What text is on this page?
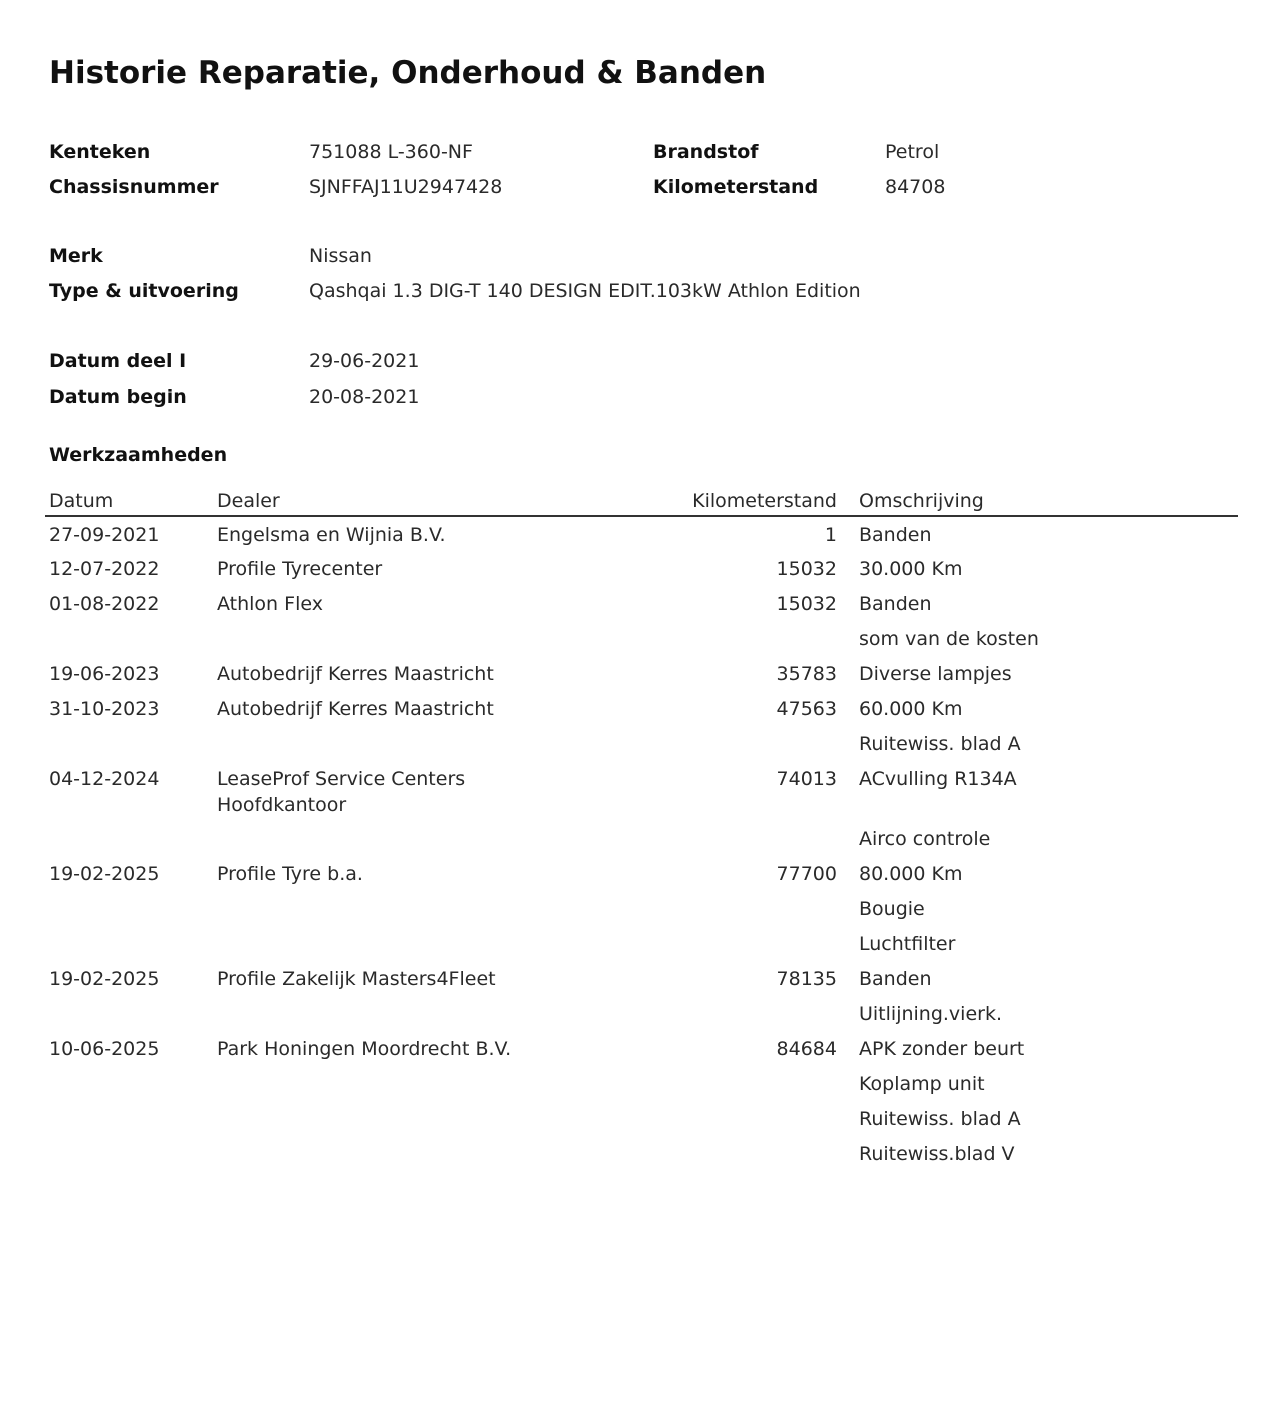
Historie Reparatie, Onderhoud & Banden
Kenteken	751088 L-360-NF	Brandstof	Petrol
Chassisnummer	SJNFFAJ11U2947428	Kilometerstand	84708
Merk	Nissan
Type & uitvoering	Qashqai 1.3 DIG-T 140 DESIGN EDIT.103kW Athlon Edition
Datum deel I	29-06-2021
Datum begin	20-08-2021
Werkzaamheden
Datum	Dealer	Kilometerstand	Omschrijving
27-09-2021	Engelsma en Wijnia B.V.	1	Banden
12-07-2022	Profile Tyrecenter	15032	30.000 Km
01-08-2022	Athlon Flex	15032	Banden
			som van de kosten
19-06-2023	Autobedrijf Kerres Maastricht	35783	Diverse lampjes
31-10-2023	Autobedrijf Kerres Maastricht	47563	60.000 Km
			Ruitewiss. blad A
04-12-2024	LeaseProf Service Centers Hoofdkantoor	74013	ACvulling R134A
			Airco controle
19-02-2025	Profile Tyre b.a.	77700	80.000 Km
			Bougie
			Luchtfilter
19-02-2025	Profile Zakelijk Masters4Fleet	78135	Banden
			Uitlijning.vierk.
10-06-2025	Park Honingen Moordrecht B.V.	84684	APK zonder beurt
			Koplamp unit
			Ruitewiss. blad A
			Ruitewiss.blad V
